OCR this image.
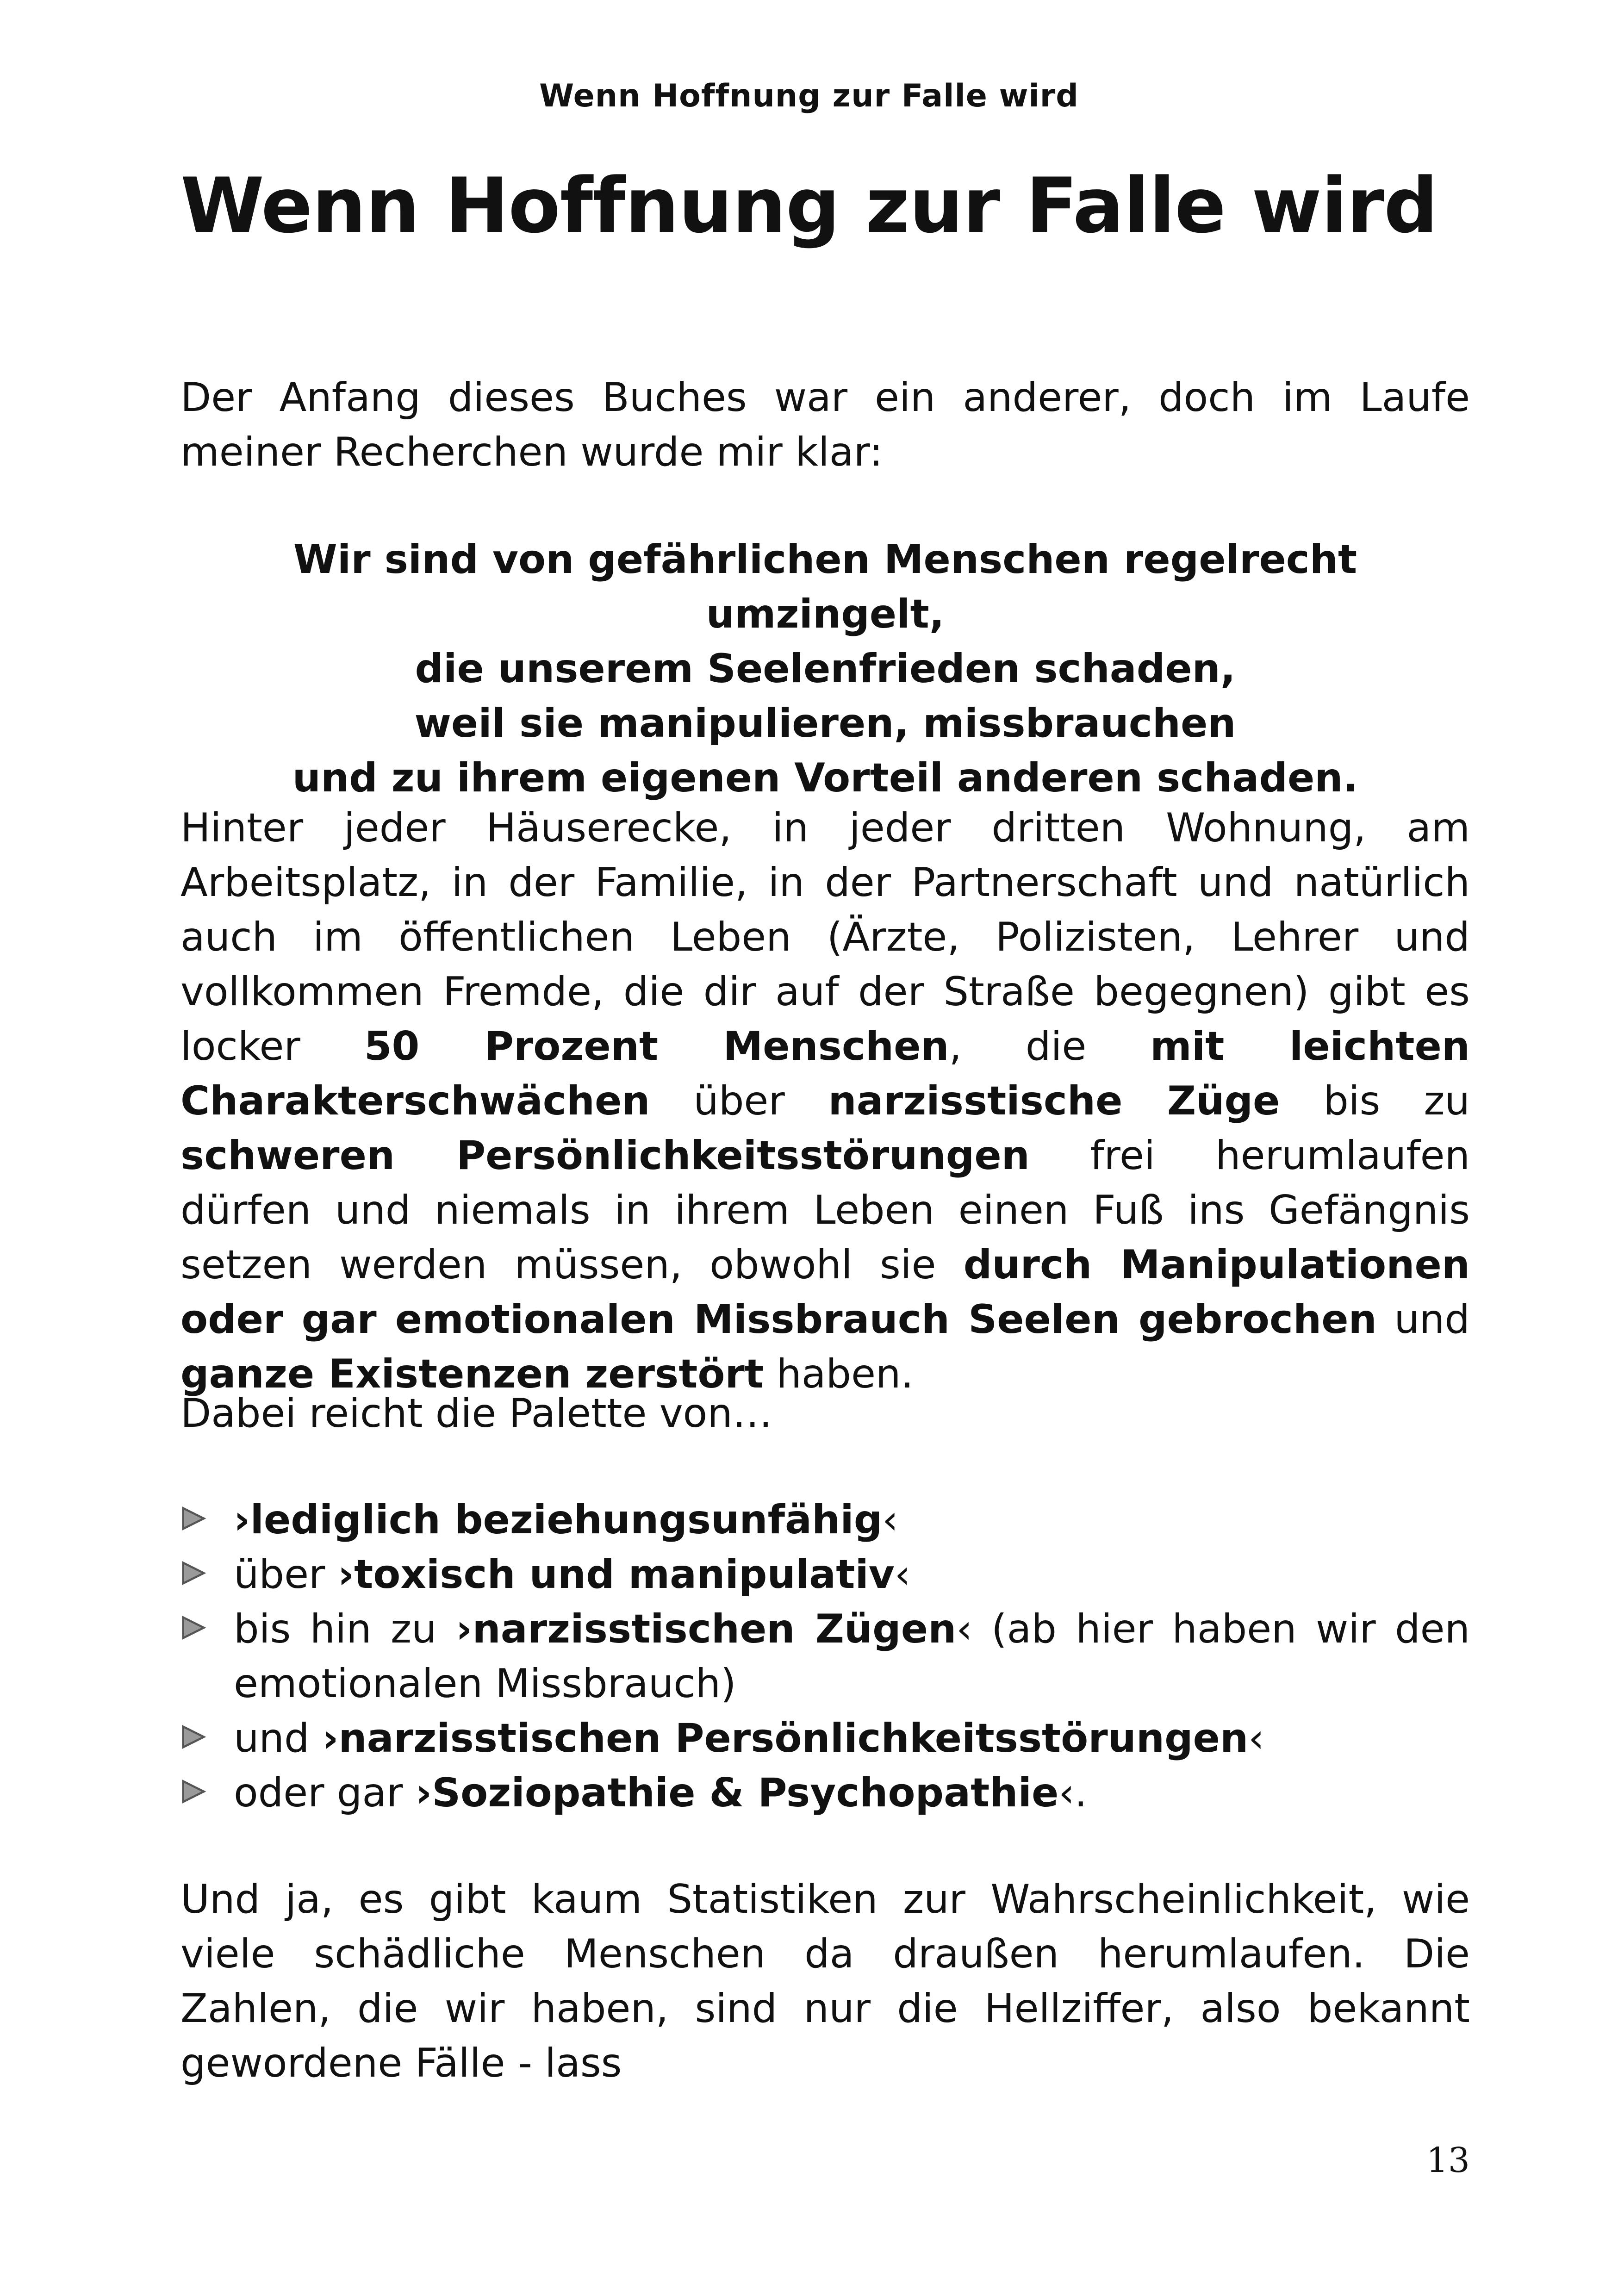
Wenn Hoffnung zur Falle wird
Wenn Hoffnung zur Falle wird

Der Anfang dieses Buches war ein anderer, doch im Laufe meiner Recherchen wurde mir klar:

Wir sind von gefährlichen Menschen regelrecht umzingelt,
die unserem Seelenfrieden schaden,
weil sie manipulieren, missbrauchen
und zu ihrem eigenen Vorteil anderen schaden.

Hinter jeder Häuserecke, in jeder dritten Wohnung, am Arbeitsplatz, in der Familie, in der Partnerschaft und natürlich auch im öffentlichen Leben (Ärzte, Polizisten, Lehrer und vollkommen Fremde, die dir auf der Straße begegnen) gibt es locker 50 Prozent Menschen, die mit leichten Charakterschwächen über narzisstische Züge bis zu schweren Persönlichkeitsstörungen frei herumlaufen dürfen und niemals in ihrem Leben einen Fuß ins Gefängnis setzen werden müssen, obwohl sie durch Manipulationen oder gar emotionalen Missbrauch Seelen gebrochen und ganze Existenzen zerstört haben.

Dabei reicht die Palette von…

›lediglich beziehungsunfähig‹
über ›toxisch und manipulativ‹
bis hin zu ›narzisstischen Zügen‹ (ab hier haben wir den emotionalen Missbrauch)
und ›narzisstischen Persönlichkeitsstörungen‹
oder gar ›Soziopathie & Psychopathie‹.

Und ja, es gibt kaum Statistiken zur Wahrscheinlichkeit, wie viele schädliche Menschen da draußen herumlaufen. Die Zahlen, die wir haben, sind nur die Hellziffer, also bekannt gewordene Fälle - lass

13
